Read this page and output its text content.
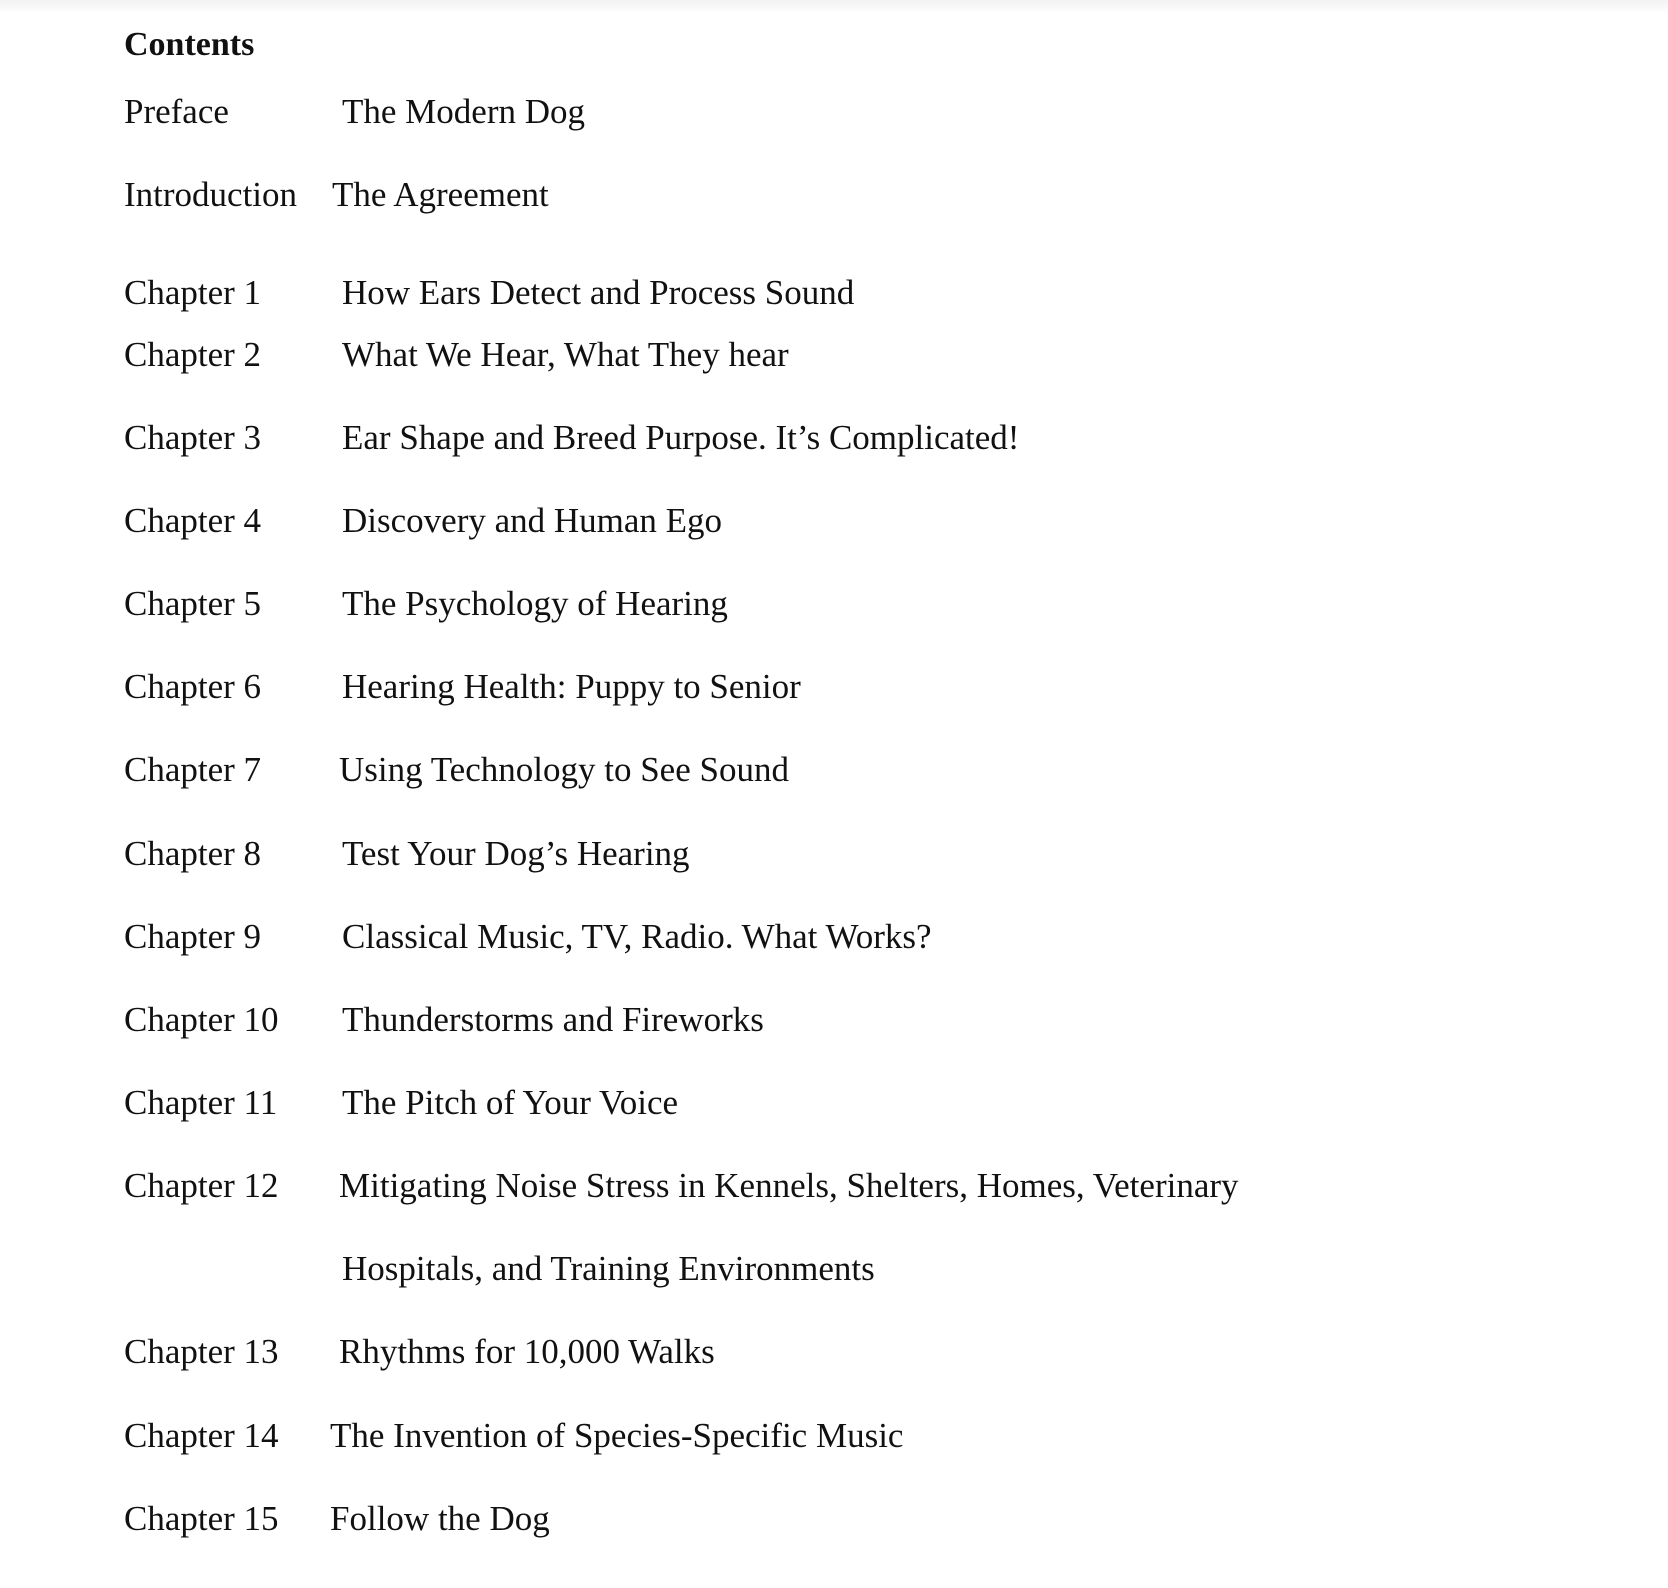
Contents
Preface	The Modern Dog
Introduction The Agreement
Chapter 1 How Ears Detect and Process Sound
Chapter 2 What We Hear, What They hear
Chapter 3 Ear Shape and Breed Purpose. It’s Complicated!
Chapter 4 Discovery and Human Ego
Chapter 5 The Psychology of Hearing
Chapter 6 Hearing Health: Puppy to Senior
Chapter 7 Using Technology to See Sound
Chapter 8 Test Your Dog’s Hearing
Chapter 9 Classical Music, TV, Radio. What Works?
Chapter 10 Thunderstorms and Fireworks
Chapter 11 The Pitch of Your Voice
Chapter 12 Mitigating Noise Stress in Kennels, Shelters, Homes, Veterinary
Hospitals, and Training Environments
Chapter 13 Rhythms for 10,000 Walks
Chapter 14 The Invention of Species-Specific Music
Chapter 15 Follow the Dog
